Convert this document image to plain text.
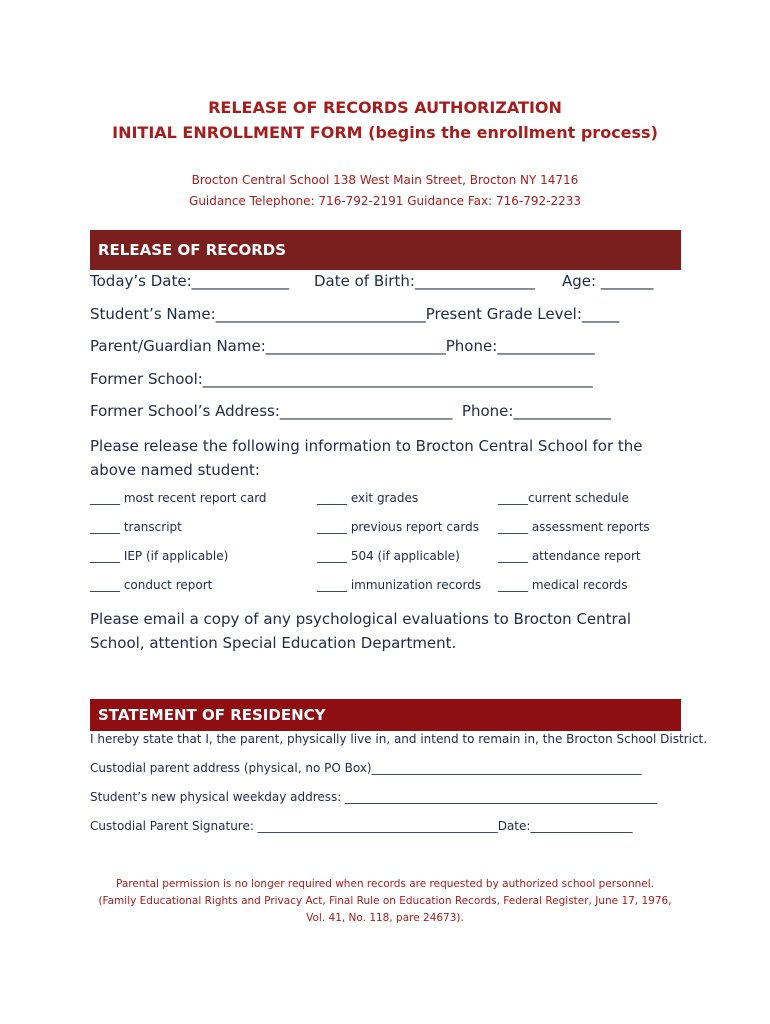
RELEASE OF RECORDS AUTHORIZATION
INITIAL ENROLLMENT FORM (begins the enrollment process)
Brocton Central School 138 West Main Street, Brocton NY 14716
Guidance Telephone: 716-792-2191 Guidance Fax: 716-792-2233
RELEASE OF RECORDS
Today’s Date:_____________ Date of Birth:________________ Age: _______
Student’s Name:____________________________Present Grade Level:_____
Parent/Guardian Name:________________________Phone:_____________
Former School:____________________________________________________
Former School’s Address:_______________________  Phone:_____________
Please release the following information to Brocton Central School for the above named student:
_____ most recent report card	_____ exit grades	_____current schedule
_____ transcript	_____ previous report cards _____ assessment reports
_____ IEP (if applicable)	_____ 504 (if applicable)	_____ attendance report
_____ conduct report	_____ immunization records _____ medical records
Please email a copy of any psychological evaluations to Brocton Central School, attention Special Education Department.
STATEMENT OF RESIDENCY
I hereby state that I, the parent, physically live in, and intend to remain in, the Brocton School District.
Custodial parent address (physical, no PO Box)_____________________________________________
Student’s new physical weekday address: ____________________________________________________
Custodial Parent Signature: ________________________________________Date:_________________
Parental permission is no longer required when records are requested by authorized school personnel.
(Family Educational Rights and Privacy Act, Final Rule on Education Records, Federal Register, June 17, 1976, Vol. 41, No. 118, pare 24673).
